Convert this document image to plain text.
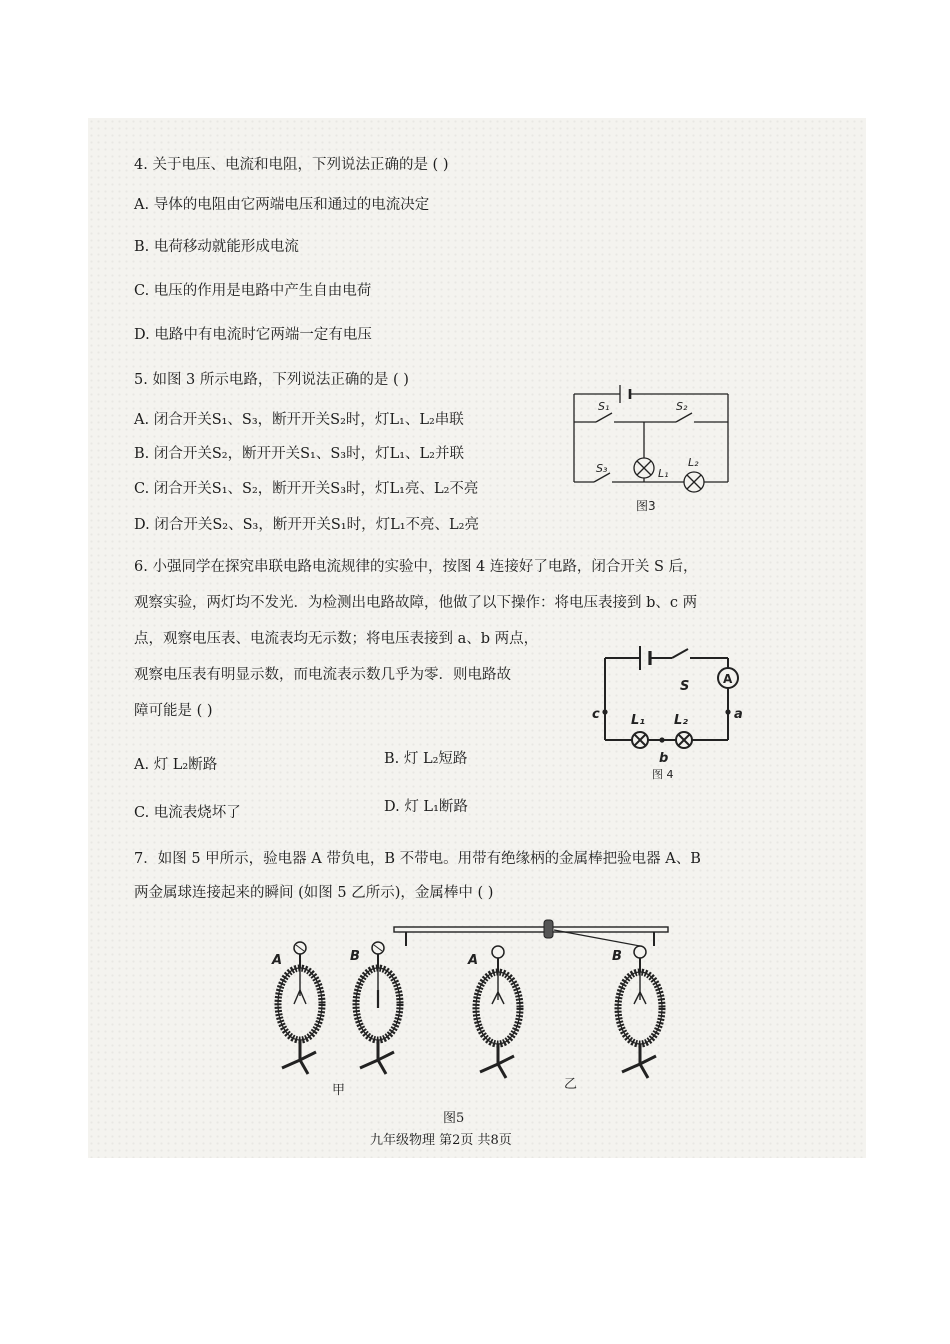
4. 关于电压、电流和电阻，下列说法正确的是 ( )
A. 导体的电阻由它两端电压和通过的电流决定
B. 电荷移动就能形成电流
C. 电压的作用是电路中产生自由电荷
D. 电路中有电流时它两端一定有电压
5. 如图 3 所示电路，下列说法正确的是 ( )
A. 闭合开关S₁、S₃，断开开关S₂时，灯L₁、L₂串联
B. 闭合开关S₂，断开开关S₁、S₃时，灯L₁、L₂并联
C. 闭合开关S₁、S₂，断开开关S₃时，灯L₁亮、L₂不亮
D. 闭合开关S₂、S₃，断开开关S₁时，灯L₁不亮、L₂亮
S₁	S₂
S₃	L₁
L₂
图3
6. 小强同学在探究串联电路电流规律的实验中，按图 4 连接好了电路，闭合开关 S 后，
观察实验，两灯均不发光．为检测出电路故障，他做了以下操作：将电压表接到 b、c 两
点，观察电压表、电流表均无示数；将电压表接到 a、b 两点，
观察电压表有明显示数，而电流表示数几乎为零．则电路故
障可能是 ( )
A. 灯 L₂断路	B. 灯 L₂短路
C. 电流表烧坏了	D. 灯 L₁断路
A
S
L₁ L₂
c	a
b
图 4
7．如图 5 甲所示，验电器 A 带负电，B 不带电。用带有绝缘柄的金属棒把验电器 A、B
两金属球连接起来的瞬间 (如图 5 乙所示)，金属棒中 ( )
A	B	A	B
甲	乙
图5
九年级物理 第2页 共8页
